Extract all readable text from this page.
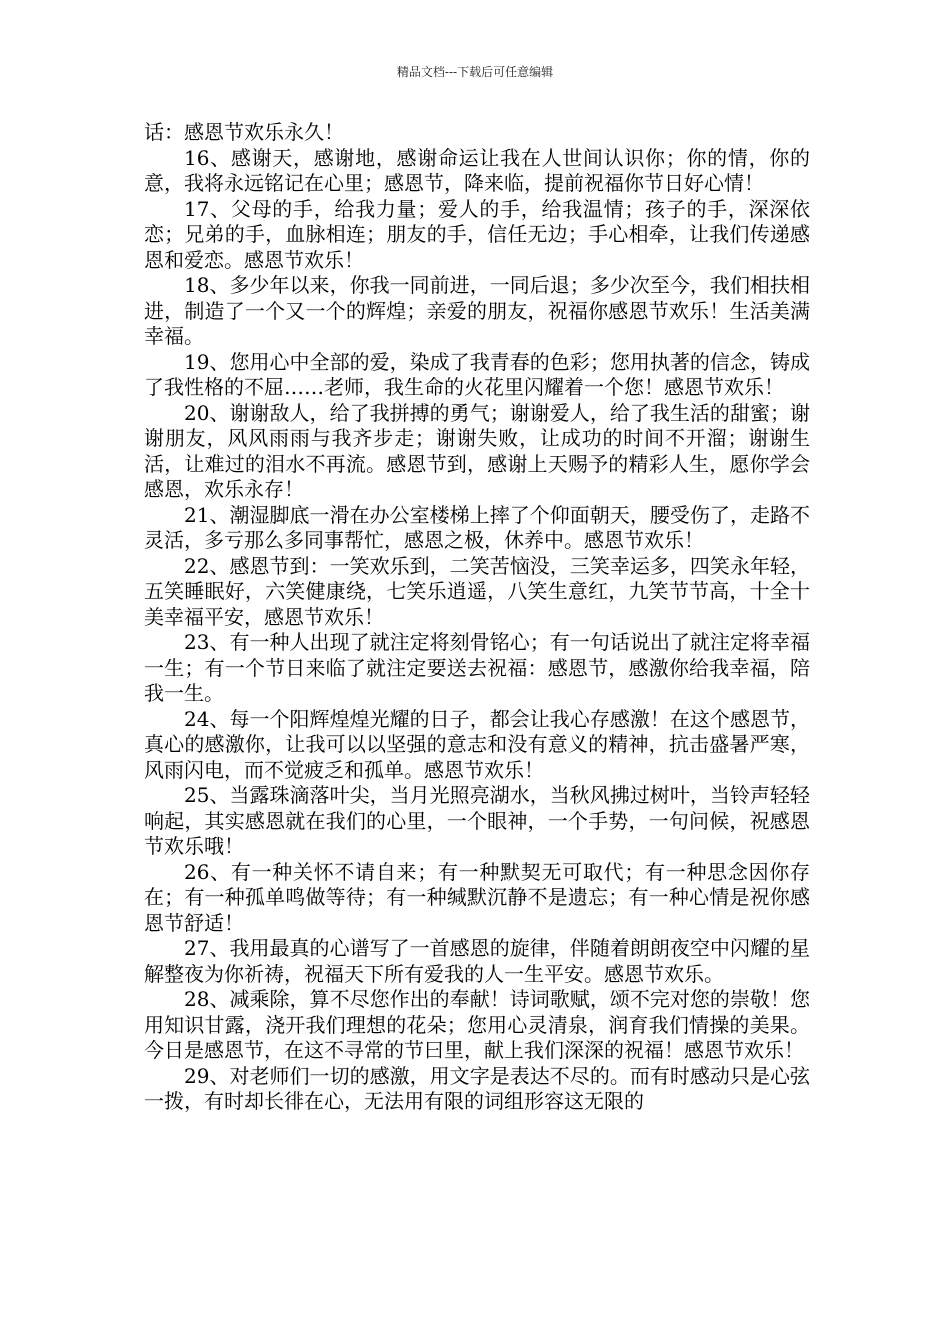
精品文档---下载后可任意编辑

话：感恩节欢乐永久！

16、感谢天，感谢地，感谢命运让我在人世间认识你；你的情，你的意，我将永远铭记在心里；感恩节，降来临，提前祝福你节日好心情！

17、父母的手，给我力量；爱人的手，给我温情；孩子的手，深深依恋；兄弟的手，血脉相连；朋友的手，信任无边；手心相牵，让我们传递感恩和爱恋。感恩节欢乐！

18、多少年以来，你我一同前进，一同后退；多少次至今，我们相扶相进，制造了一个又一个的辉煌；亲爱的朋友，祝福你感恩节欢乐！生活美满幸福。

19、您用心中全部的爱，染成了我青春的色彩；您用执著的信念，铸成了我性格的不屈……老师，我生命的火花里闪耀着一个您！感恩节欢乐！

20、谢谢敌人，给了我拼搏的勇气；谢谢爱人，给了我生活的甜蜜；谢谢朋友，风风雨雨与我齐步走；谢谢失败，让成功的时间不开溜；谢谢生活，让难过的泪水不再流。感恩节到，感谢上天赐予的精彩人生，愿你学会感恩，欢乐永存！

21、潮湿脚底一滑在办公室楼梯上摔了个仰面朝天，腰受伤了，走路不灵活，多亏那么多同事帮忙，感恩之极，休养中。感恩节欢乐！

22、感恩节到：一笑欢乐到，二笑苦恼没，三笑幸运多，四笑永年轻，五笑睡眠好，六笑健康绕，七笑乐逍遥，八笑生意红，九笑节节高，十全十美幸福平安，感恩节欢乐！

23、有一种人出现了就注定将刻骨铭心；有一句话说出了就注定将幸福一生；有一个节日来临了就注定要送去祝福：感恩节，感激你给我幸福，陪我一生。

24、每一个阳辉煌煌光耀的日子，都会让我心存感激！在这个感恩节，真心的感激你，让我可以以坚强的意志和没有意义的精神，抗击盛暑严寒，风雨闪电，而不觉疲乏和孤单。感恩节欢乐！

25、当露珠滴落叶尖，当月光照亮湖水，当秋风拂过树叶，当铃声轻轻响起，其实感恩就在我们的心里，一个眼神，一个手势，一句问候，祝感恩节欢乐哦！

26、有一种关怀不请自来；有一种默契无可取代；有一种思念因你存在；有一种孤单鸣做等待；有一种缄默沉静不是遗忘；有一种心情是祝你感恩节舒适！

27、我用最真的心谱写了一首感恩的旋律，伴随着朗朗夜空中闪耀的星解整夜为你祈祷，祝福天下所有爱我的人一生平安。感恩节欢乐。

28、减乘除，算不尽您作出的奉献！诗词歌赋，颂不完对您的崇敬！您用知识甘露，浇开我们理想的花朵；您用心灵清泉，润育我们情操的美果。今日是感恩节，在这不寻常的节曰里，献上我们深深的祝福！感恩节欢乐！

29、对老师们一切的感激，用文字是表达不尽的。而有时感动只是心弦一拨，有时却长徘在心，无法用有限的词组形容这无限的
